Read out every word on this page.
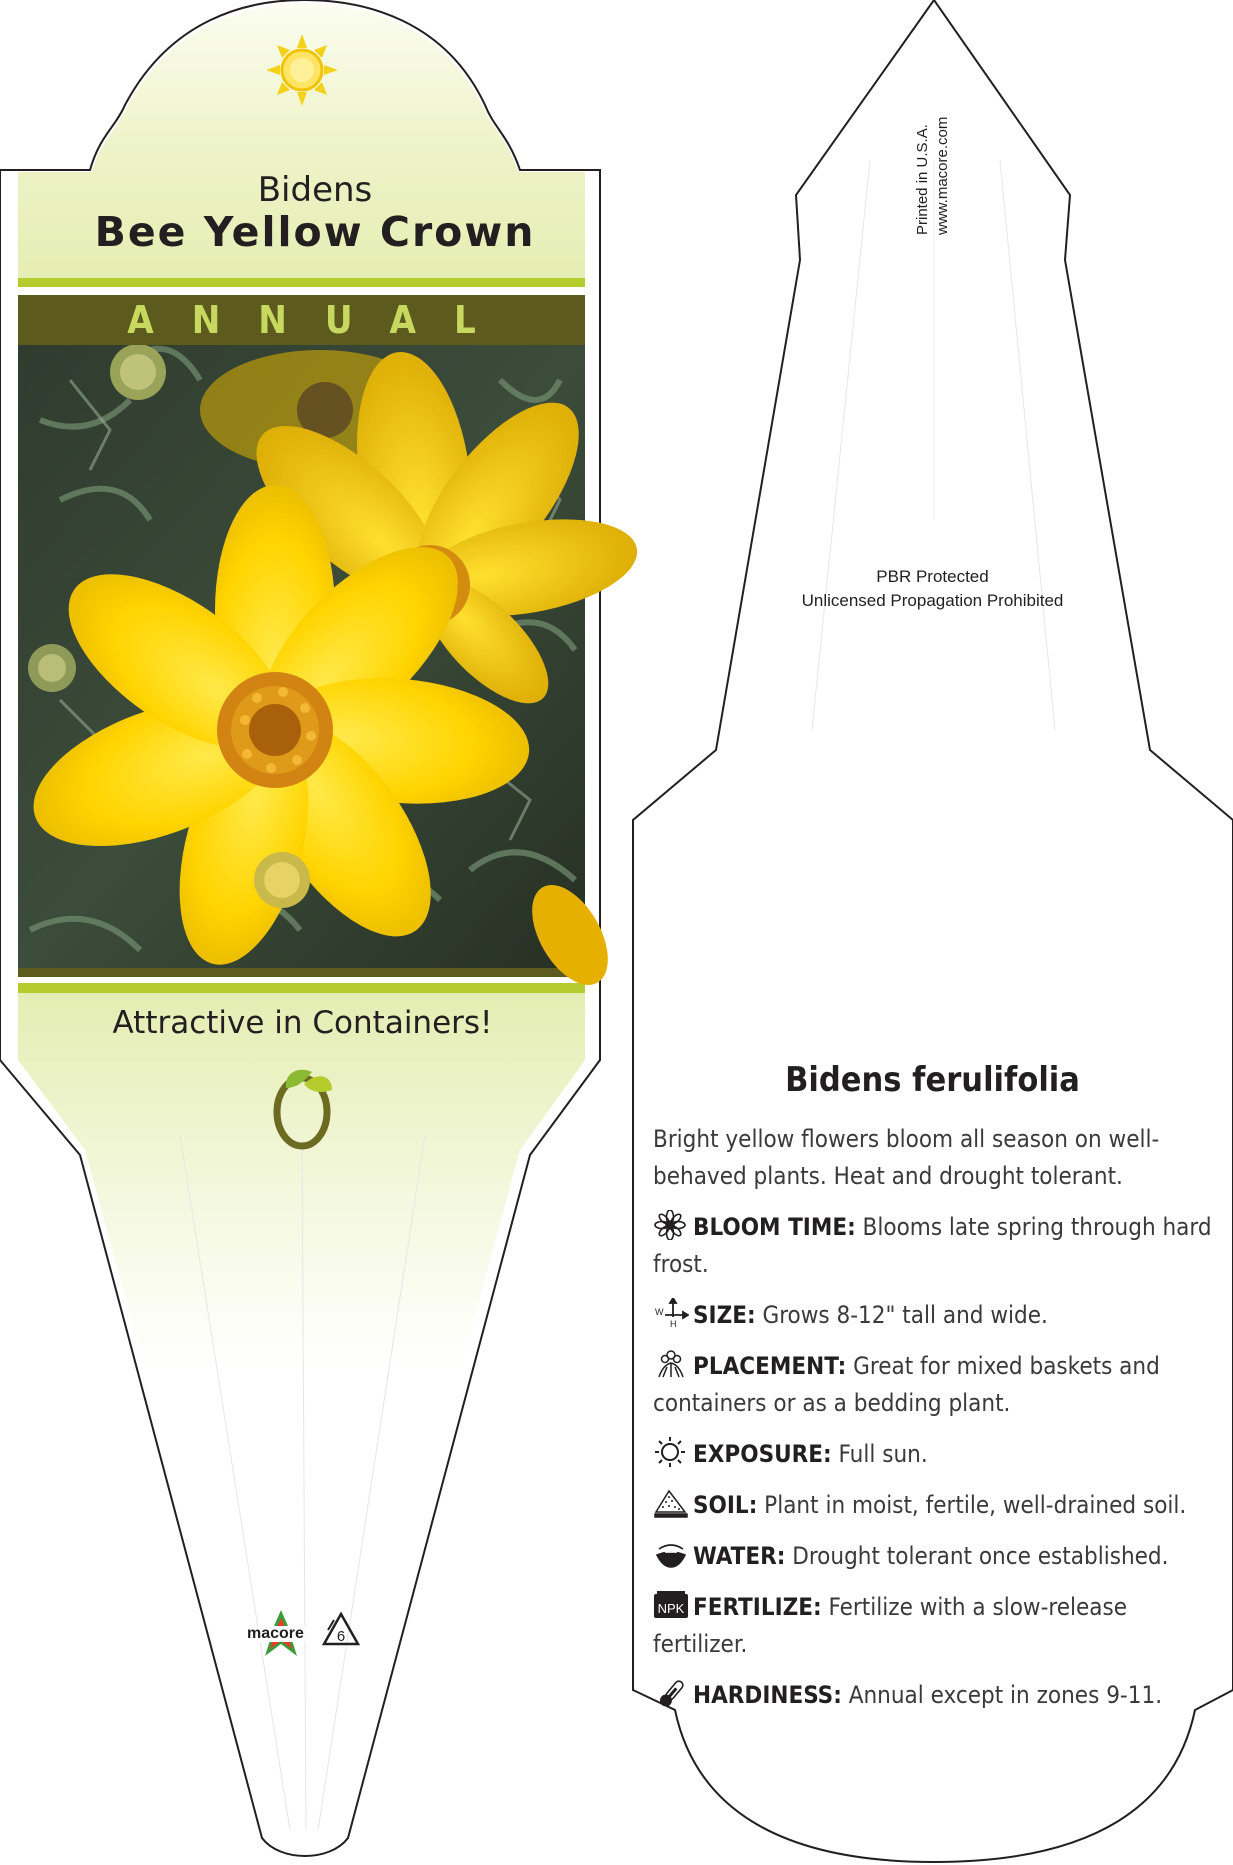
Bidens
Bee Yellow Crown
ANNUAL
Attractive in Containers!
macore 6
Printed in U.S.A. www.macore.com
PBR Protected
Unlicensed Propagation Prohibited
Bidens ferulifolia

Bright yellow flowers bloom all season on well-behaved plants. Heat and drought tolerant.

BLOOM TIME: Blooms late spring through hard frost.

W
H SIZE: Grows 8-12" tall and wide.

PLACEMENT: Great for mixed baskets and containers or as a bedding plant.

EXPOSURE: Full sun.

SOIL: Plant in moist, fertile, well-drained soil.

WATER: Drought tolerant once established.

NPK FERTILIZE: Fertilize with a slow-release fertilizer.

HARDINESS: Annual except in zones 9-11.
